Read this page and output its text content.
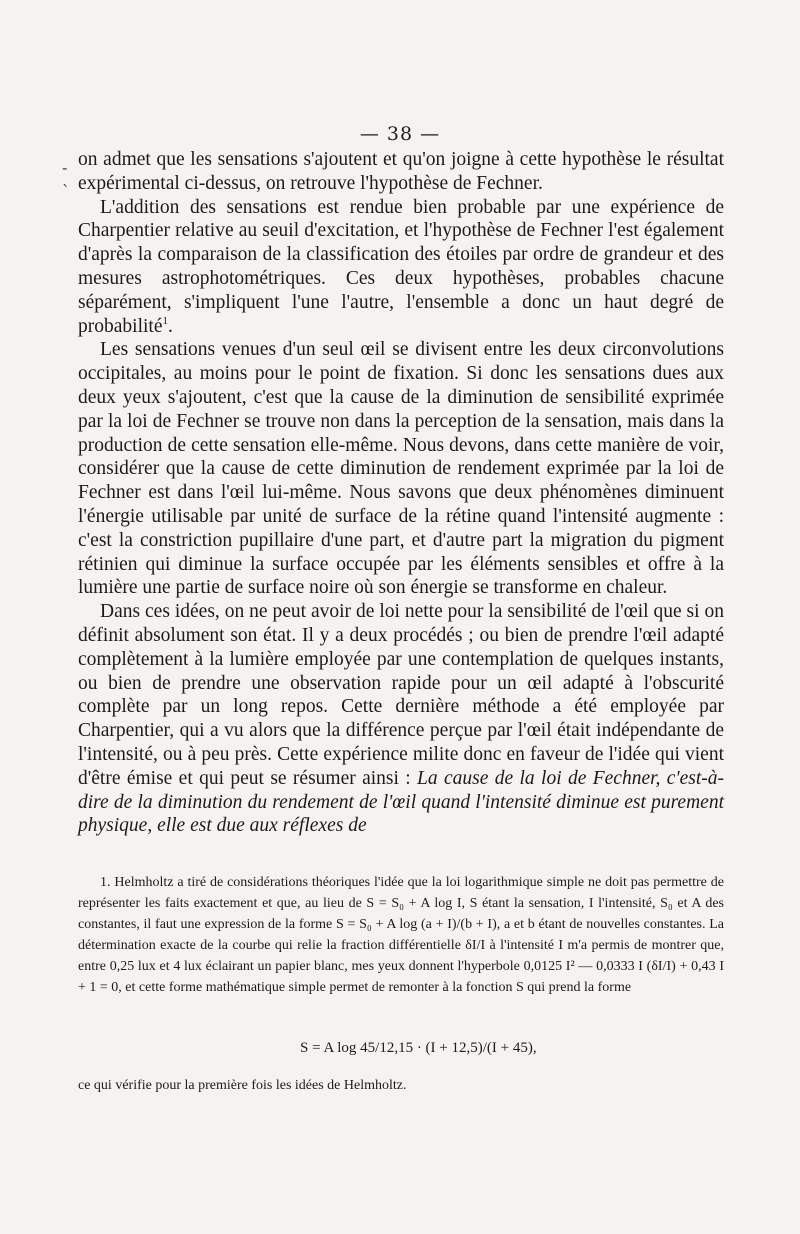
-
`
— 38 —

on admet que les sensations s'ajoutent et qu'on joigne à cette hypothèse le résultat expérimental ci-dessus, on retrouve l'hypothèse de Fechner.

L'addition des sensations est rendue bien probable par une expérience de Charpentier relative au seuil d'excitation, et l'hypothèse de Fechner l'est également d'après la comparaison de la classification des étoiles par ordre de grandeur et des mesures astrophotométriques. Ces deux hypothèses, probables chacune séparément, s'impliquent l'une l'autre, l'ensemble a donc un haut degré de probabilité$^1$.

Les sensations venues d'un seul œil se divisent entre les deux circonvolutions occipitales, au moins pour le point de fixation. Si donc les sensations dues aux deux yeux s'ajoutent, c'est que la cause de la diminution de sensibilité exprimée par la loi de Fechner se trouve non dans la perception de la sensation, mais dans la production de cette sensation elle-même. Nous devons, dans cette manière de voir, considérer que la cause de cette diminution de rendement exprimée par la loi de Fechner est dans l'œil lui-même. Nous savons que deux phénomènes diminuent l'énergie utilisable par unité de surface de la rétine quand l'intensité augmente : c'est la constriction pupillaire d'une part, et d'autre part la migration du pigment rétinien qui diminue la surface occupée par les éléments sensibles et offre à la lumière une partie de surface noire où son énergie se transforme en chaleur.

Dans ces idées, on ne peut avoir de loi nette pour la sensibilité de l'œil que si on définit absolument son état. Il y a deux procédés ; ou bien de prendre l'œil adapté complètement à la lumière employée par une contemplation de quelques instants, ou bien de prendre une observation rapide pour un œil adapté à l'obscurité complète par un long repos. Cette dernière méthode a été employée par Charpentier, qui a vu alors que la différence perçue par l'œil était indépendante de l'intensité, ou à peu près. Cette expérience milite donc en faveur de l'idée qui vient d'être émise et qui peut se résumer ainsi : La cause de la loi de Fechner, c'est-à-dire de la diminution du rendement de l'œil quand l'intensité diminue est purement physique, elle est due aux réflexes de

1. Helmholtz a tiré de considérations théoriques l'idée que la loi logarithmique simple ne doit pas permettre de représenter les faits exactement et que, au lieu de S = S₀ + A log I, S étant la sensation, I l'intensité, S₀ et A des constantes, il faut une expression de la forme S = S₀ + A log (a + I)/(b + I), a et b étant de nouvelles constantes. La détermination exacte de la courbe qui relie la fraction différentielle δI/I à l'intensité I m'a permis de montrer que, entre 0,25 lux et 4 lux éclairant un papier blanc, mes yeux donnent l'hyperbole 0,0125 I² — 0,0333 I (δI/I) + 0,43 I + 1 = 0, et cette forme mathématique simple permet de remonter à la fonction S qui prend la forme

S = A log 45/12,15 · (I + 12,5)/(I + 45),
ce qui vérifie pour la première fois les idées de Helmholtz.
